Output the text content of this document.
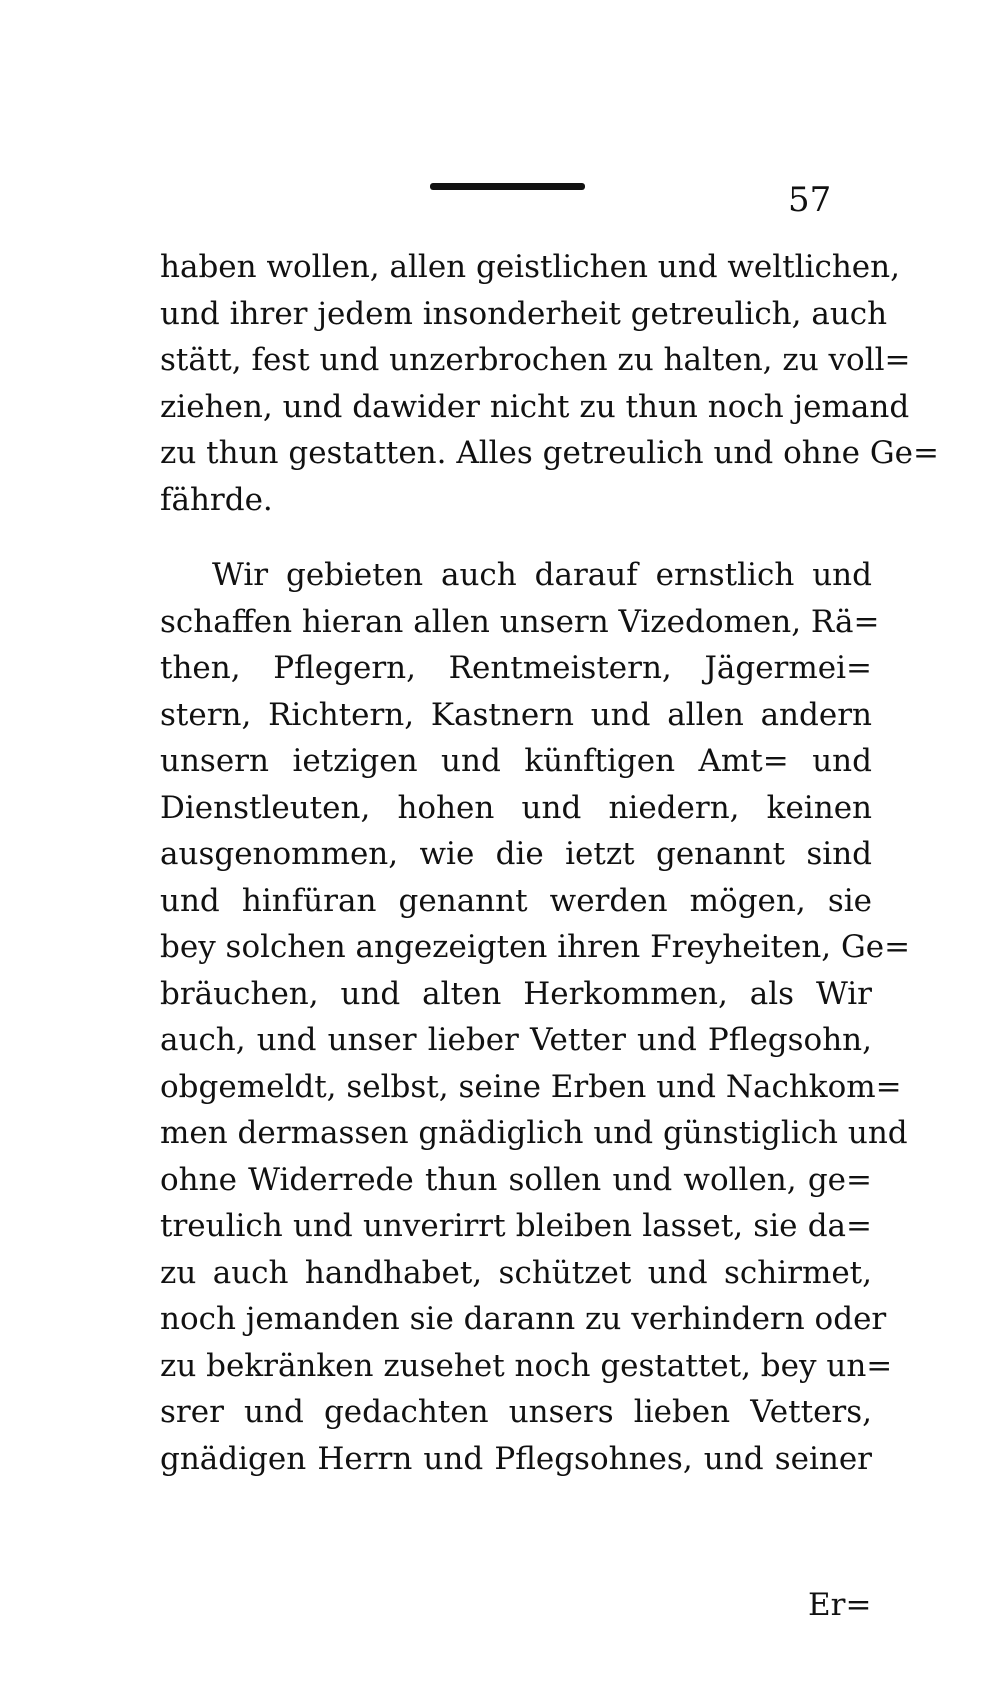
57
haben wollen, allen geistlichen und weltlichen,
und ihrer jedem insonderheit getreulich, auch
stätt, fest und unzerbrochen zu halten, zu voll=
ziehen, und dawider nicht zu thun noch jemand
zu thun gestatten. Alles getreulich und ohne Ge=
fährde.
Wir gebieten auch darauf ernstlich und
schaffen hieran allen unsern Vizedomen, Rä=
then, Pflegern, Rentmeistern, Jägermei=
stern, Richtern, Kastnern und allen andern
unsern ietzigen und künftigen Amt= und
Dienstleuten, hohen und niedern, keinen
ausgenommen, wie die ietzt genannt sind
und hinfüran genannt werden mögen, sie
bey solchen angezeigten ihren Freyheiten, Ge=
bräuchen, und alten Herkommen, als Wir
auch, und unser lieber Vetter und Pflegsohn,
obgemeldt, selbst, seine Erben und Nachkom=
men dermassen gnädiglich und günstiglich und
ohne Widerrede thun sollen und wollen, ge=
treulich und unverirrt bleiben lasset, sie da=
zu auch handhabet, schützet und schirmet,
noch jemanden sie darann zu verhindern oder
zu bekränken zusehet noch gestattet, bey un=
srer und gedachten unsers lieben Vetters,
gnädigen Herrn und Pflegsohnes, und seiner
Er=
